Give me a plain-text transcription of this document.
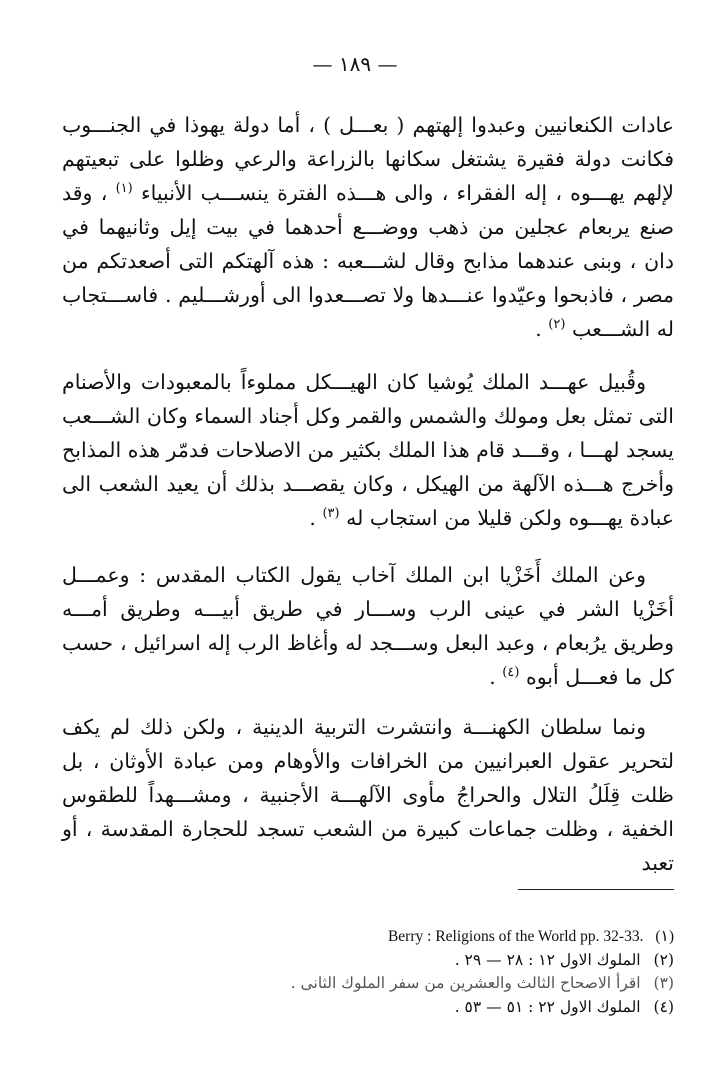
— ١٨٩ —

عادات الكنعانيين وعبدوا إلهتهم ( بعـــل ) ، أما دولة يهوذا في الجنـــوب فكانت دولة فقيرة يشتغل سكانها بالزراعة والرعي وظلوا على تبعيتهم لإلهم يهـــوه ، إله الفقراء ، والى هـــذه الفترة ينســـب الأنبياء $^{(١)}$ ، وقد صنع يربعام عجلين من ذهب ووضـــع أحدهما في بيت إيل وثانيهما في دان ، وبنى عندهما مذابح وقال لشـــعبه : هذه آلهتكم التى أصعدتكم من مصر ، فاذبحوا وعيّدوا عنـــدها ولا تصـــعدوا الى أورشـــليم . فاســـتجاب له الشـــعب $^{(٢)}$ .

وقُبيل عهـــد الملك يُوشيا كان الهيـــكل مملوءاً بالمعبودات والأصنام التى تمثل بعل ومولك والشمس والقمر وكل أجناد السماء وكان الشـــعب يسجد لهـــا ، وقـــد قام هذا الملك بكثير من الاصلاحات فدمّر هذه المذابح وأخرج هـــذه الآلهة من الهيكل ، وكان يقصـــد بذلك أن يعيد الشعب الى عبادة يهـــوه ولكن قليلا من استجاب له $^{(٣)}$ .

وعن الملك أَخَزْيا ابن الملك آخاب يقول الكتاب المقدس : وعمـــل أخَزْيا الشر في عينى الرب وســـار في طريق أبيـــه وطريق أمـــه وطريق يرُبعام ، وعبد البعل وســـجد له وأغاظ الرب إله اسرائيل ، حسب كل ما فعـــل أبوه $^{(٤)}$ .

ونما سلطان الكهنـــة وانتشرت التربية الدينية ، ولكن ذلك لم يكف لتحرير عقول العبرانيين من الخرافات والأوهام ومن عبادة الأوثان ، بل ظلت قِلَلُ التلال والحراجُ مأوى الآلهـــة الأجنبية ، ومشـــهداً للطقوس الخفية ، وظلت جماعات كبيرة من الشعب تسجد للحجارة المقدسة ، أو تعبد

(١) Berry : Religions of the World pp. 32-33.
(٢) الملوك الاول ١٢ : ٢٨ — ٢٩ .
(٣) اقرأ الاصحاح الثالث والعشرين من سفر الملوك الثانى .
(٤) الملوك الاول ٢٢ : ٥١ — ٥٣ .
